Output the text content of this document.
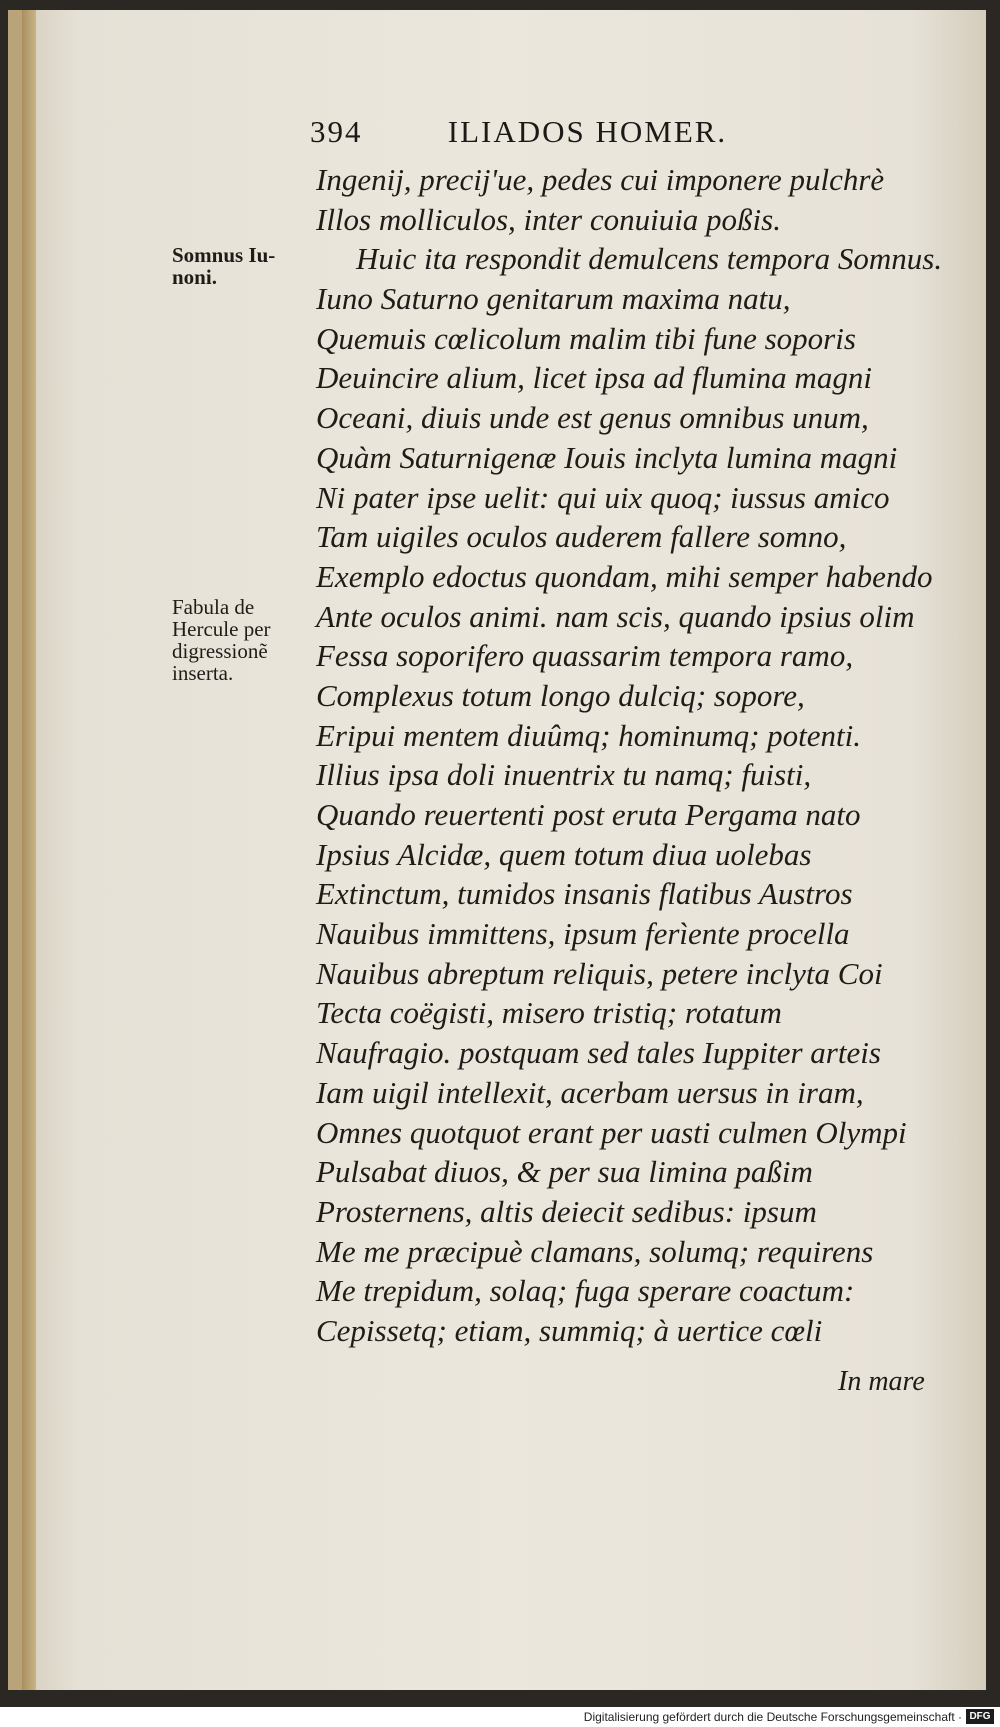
394	ILIADOS HOMER.
Somnus Iu-
noni.
Fabula de
Hercule per
digressionẽ
inserta.

Ingenij, precij'ue, pedes cui imponere pulchrè

Illos molliculos, inter conuiuia poßis.

Huic ita respondit demulcens tempora Somnus.

Iuno Saturno genitarum maxima natu,

Quemuis cœlicolum malim tibi fune soporis

Deuincire alium, licet ipsa ad flumina magni

Oceani, diuis unde est genus omnibus unum,

Quàm Saturnigenæ Iouis inclyta lumina magni

Ni pater ipse uelit: qui uix quoq; iussus amico

Tam uigiles oculos auderem fallere somno,

Exemplo edoctus quondam, mihi semper habendo

Ante oculos animi. nam scis, quando ipsius olim

Fessa soporifero quassarim tempora ramo,

Complexus totum longo dulciq; sopore,

Eripui mentem diuûmq; hominumq; potenti.

Illius ipsa doli inuentrix tu namq; fuisti,

Quando reuertenti post eruta Pergama nato

Ipsius Alcidæ, quem totum diua uolebas

Extinctum, tumidos insanis flatibus Austros

Nauibus immittens, ipsum ferìente procella

Nauibus abreptum reliquis, petere inclyta Coi

Tecta coëgisti, misero tristiq; rotatum

Naufragio. postquam sed tales Iuppiter arteis

Iam uigil intellexit, acerbam uersus in iram,

Omnes quotquot erant per uasti culmen Olympi

Pulsabat diuos, & per sua limina paßim

Prosternens, altis deiecit sedibus: ipsum

Me me præcipuè clamans, solumq; requirens

Me trepidum, solaq; fuga sperare coactum:

Cepissetq; etiam, summiq; à uertice cœli

In mare
Digitalisierung gefördert durch die Deutsche Forschungsgemeinschaft · DFG
